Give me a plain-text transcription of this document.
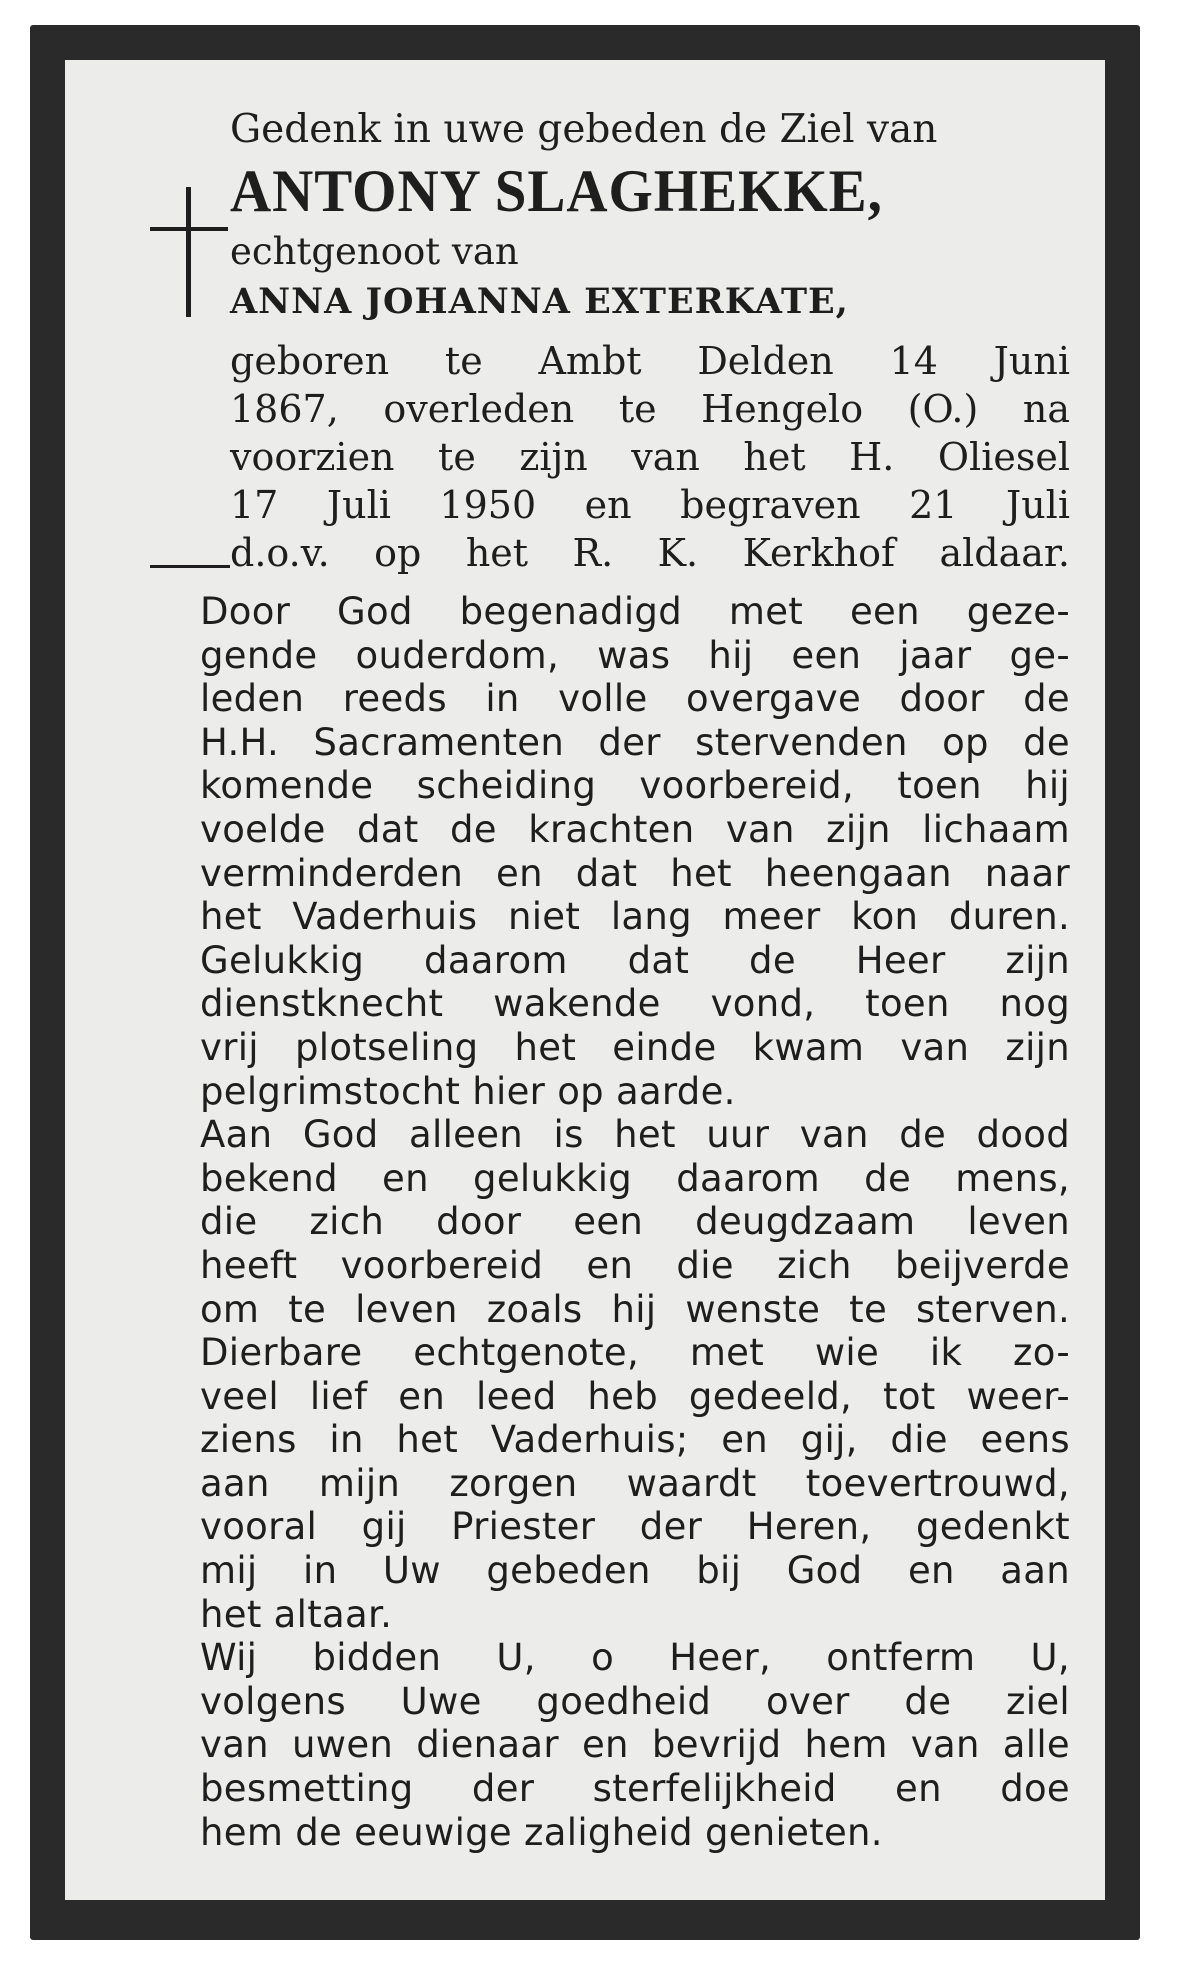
Gedenk in uwe gebeden de Ziel van
ANTONY SLAGHEKKE,
echtgenoot van
ANNA JOHANNA EXTERKATE,
geboren te Ambt Delden 14 Juni
1867, overleden te Hengelo (O.) na
voorzien te zijn van het H. Oliesel
17 Juli 1950 en begraven 21 Juli
d.o.v. op het R. K. Kerkhof aldaar.

Door God begenadigd met een geze-
gende ouderdom, was hij een jaar ge-
leden reeds in volle overgave door de
H.H. Sacramenten der stervenden op de
komende scheiding voorbereid, toen hij
voelde dat de krachten van zijn lichaam
verminderden en dat het heengaan naar
het Vaderhuis niet lang meer kon duren.

Gelukkig daarom dat de Heer zijn
dienstknecht wakende vond, toen nog
vrij plotseling het einde kwam van zijn
pelgrimstocht hier op aarde.

Aan God alleen is het uur van de dood
bekend en gelukkig daarom de mens,
die zich door een deugdzaam leven
heeft voorbereid en die zich beijverde
om te leven zoals hij wenste te sterven.

Dierbare echtgenote, met wie ik zo-
veel lief en leed heb gedeeld, tot weer-
ziens in het Vaderhuis; en gij, die eens
aan mijn zorgen waardt toevertrouwd,
vooral gij Priester der Heren, gedenkt
mij in Uw gebeden bij God en aan
het altaar.

Wij bidden U, o Heer, ontferm U,
volgens Uwe goedheid over de ziel
van uwen dienaar en bevrijd hem van alle
besmetting der sterfelijkheid en doe
hem de eeuwige zaligheid genieten.
